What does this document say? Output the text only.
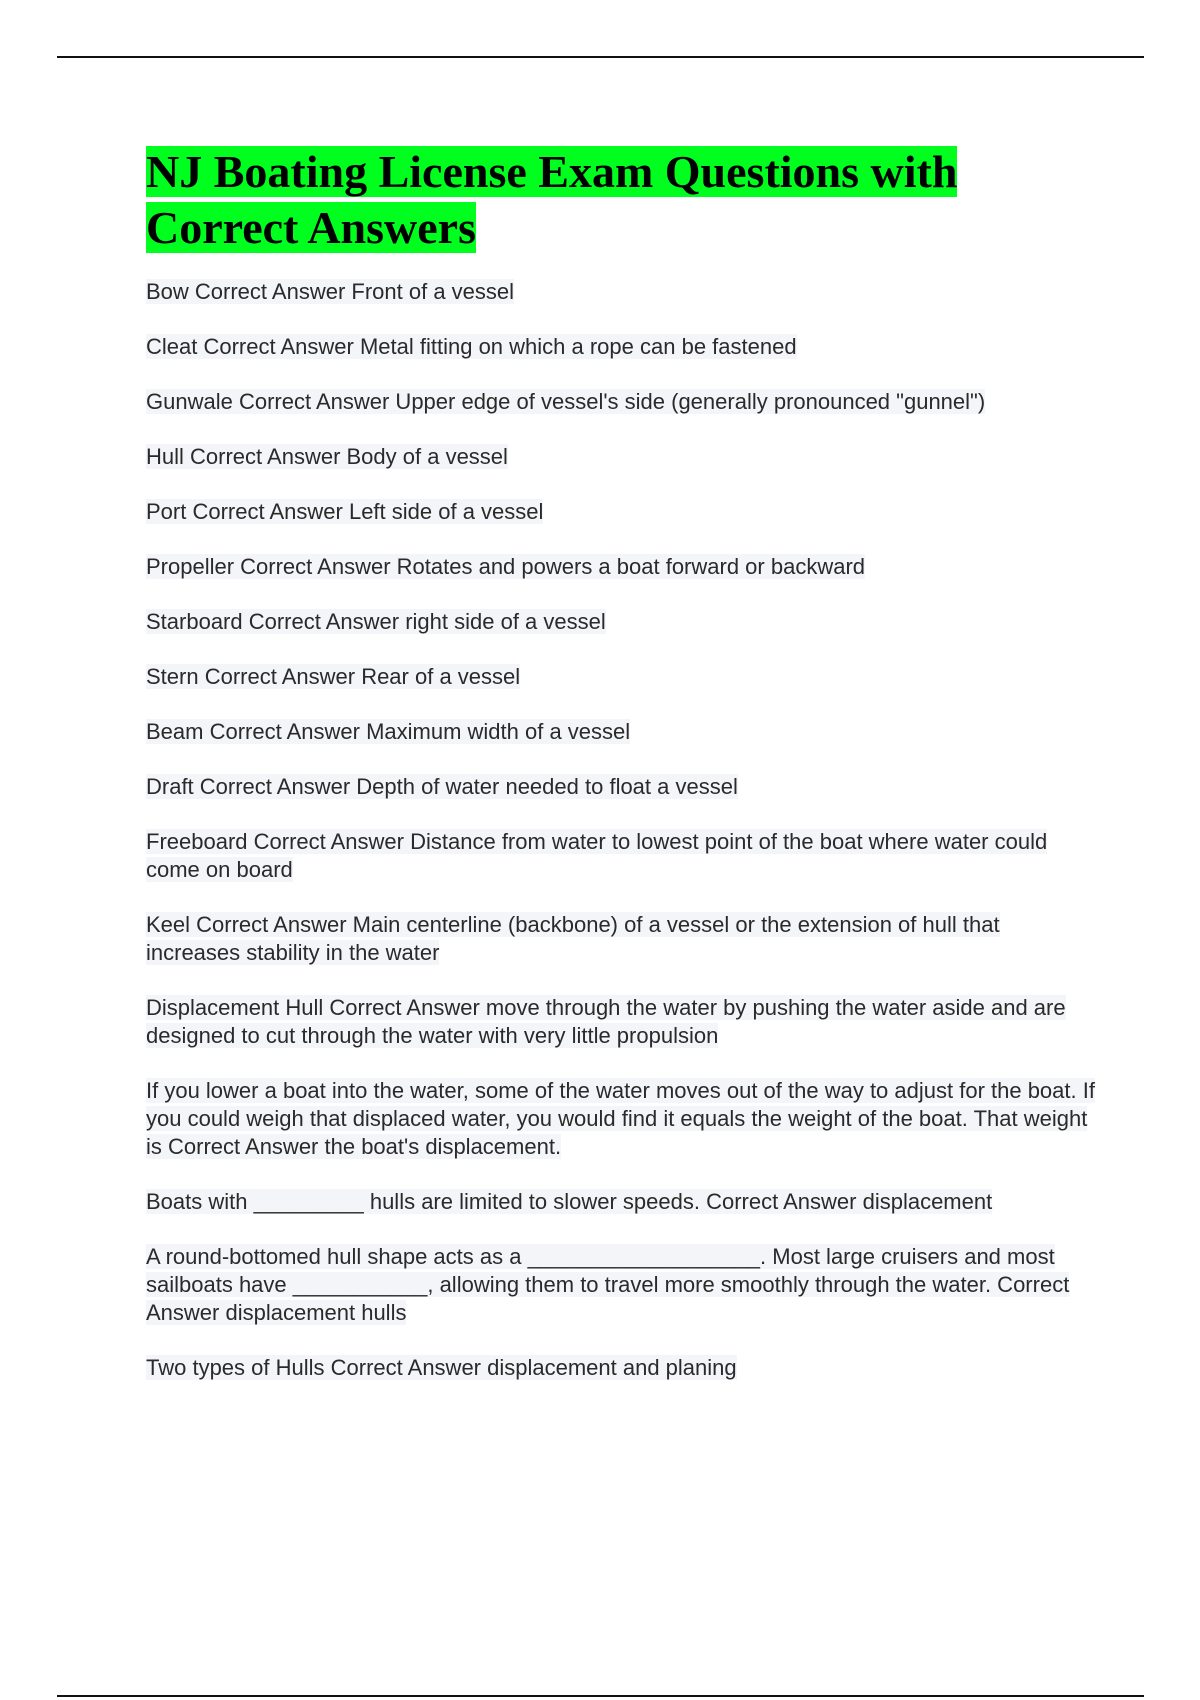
NJ Boating License Exam Questions with Correct Answers
Bow Correct Answer Front of a vessel
Cleat Correct Answer Metal fitting on which a rope can be fastened
Gunwale Correct Answer Upper edge of vessel's side (generally pronounced "gunnel")
Hull Correct Answer Body of a vessel
Port Correct Answer Left side of a vessel
Propeller Correct Answer Rotates and powers a boat forward or backward
Starboard Correct Answer right side of a vessel
Stern Correct Answer Rear of a vessel
Beam Correct Answer Maximum width of a vessel
Draft Correct Answer Depth of water needed to float a vessel
Freeboard Correct Answer Distance from water to lowest point of the boat where water could come on board
Keel Correct Answer Main centerline (backbone) of a vessel or the extension of hull that increases stability in the water
Displacement Hull Correct Answer move through the water by pushing the water aside and are designed to cut through the water with very little propulsion
If you lower a boat into the water, some of the water moves out of the way to adjust for the boat. If you could weigh that displaced water, you would find it equals the weight of the boat. That weight is Correct Answer the boat's displacement.
Boats with _________ hulls are limited to slower speeds. Correct Answer displacement
A round-bottomed hull shape acts as a ___________________. Most large cruisers and most sailboats have ___________, allowing them to travel more smoothly through the water. Correct Answer displacement hulls
Two types of Hulls Correct Answer displacement and planing
